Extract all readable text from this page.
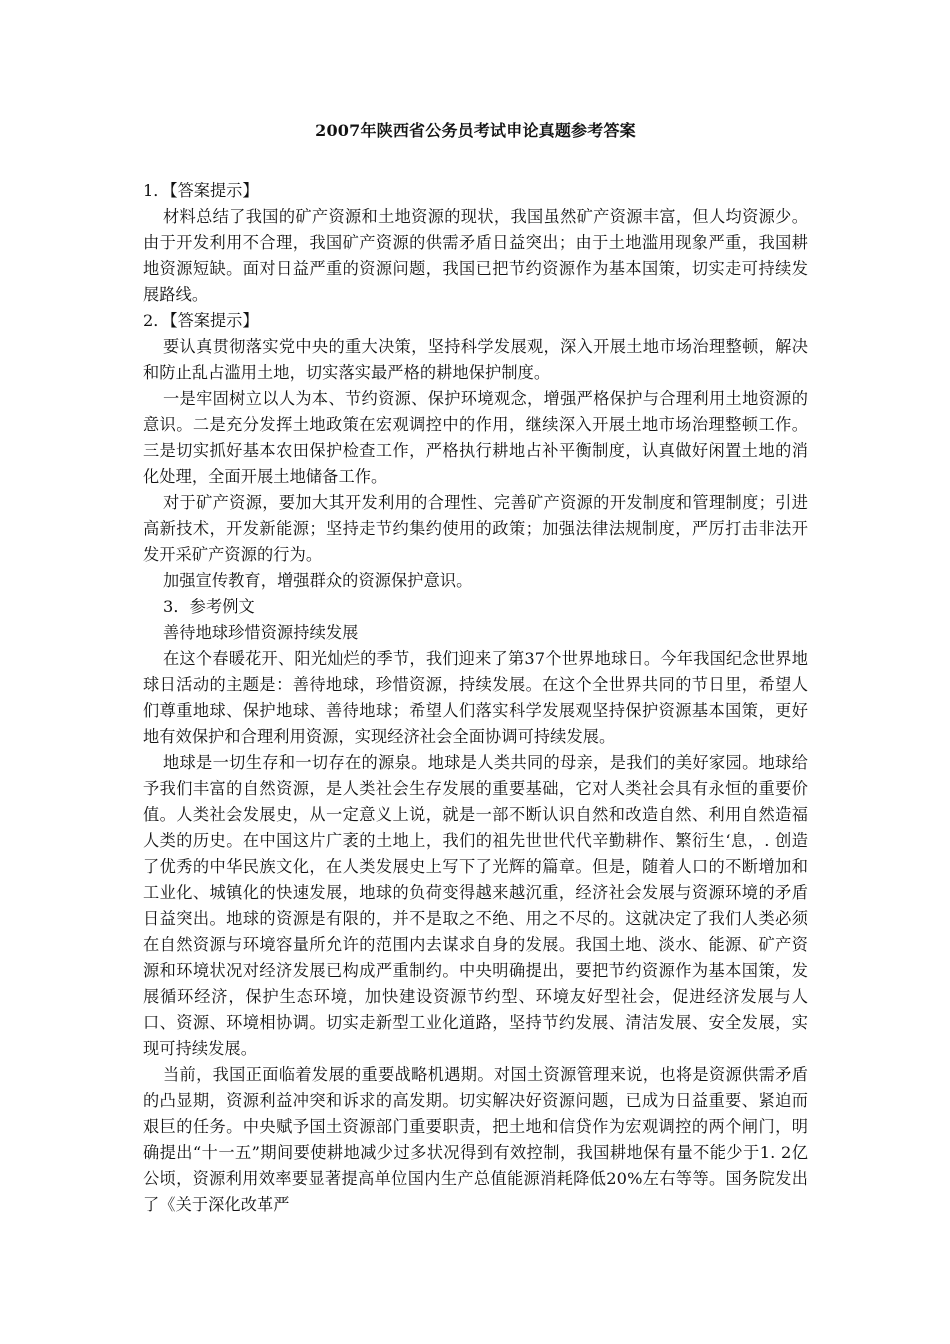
2007年陕西省公务员考试申论真题参考答案

1．【答案提示】

材料总结了我国的矿产资源和土地资源的现状，我国虽然矿产资源丰富，但人均资源少。由于开发利用不合理，我国矿产资源的供需矛盾日益突出；由于土地滥用现象严重，我国耕地资源短缺。面对日益严重的资源问题，我国已把节约资源作为基本国策，切实走可持续发展路线。

2．【答案提示】

要认真贯彻落实党中央的重大决策，坚持科学发展观，深入开展土地市场治理整顿，解决和防止乱占滥用土地，切实落实最严格的耕地保护制度。

一是牢固树立以人为本、节约资源、保护环境观念，增强严格保护与合理利用土地资源的意识。二是充分发挥土地政策在宏观调控中的作用，继续深入开展土地市场治理整顿工作。三是切实抓好基本农田保护检查工作，严格执行耕地占补平衡制度，认真做好闲置土地的消化处理，全面开展土地储备工作。

对于矿产资源，要加大其开发利用的合理性、完善矿产资源的开发制度和管理制度；引进高新技术，开发新能源；坚持走节约集约使用的政策；加强法律法规制度，严厉打击非法开发开采矿产资源的行为。

加强宣传教育，增强群众的资源保护意识。

3．参考例文

善待地球珍惜资源持续发展

在这个春暖花开、阳光灿烂的季节，我们迎来了第37个世界地球日。今年我国纪念世界地球日活动的主题是：善待地球，珍惜资源，持续发展。在这个全世界共同的节日里，希望人们尊重地球、保护地球、善待地球；希望人们落实科学发展观坚持保护资源基本国策，更好地有效保护和合理利用资源，实现经济社会全面协调可持续发展。

地球是一切生存和一切存在的源泉。地球是人类共同的母亲，是我们的美好家园。地球给予我们丰富的自然资源，是人类社会生存发展的重要基础，它对人类社会具有永恒的重要价值。人类社会发展史，从一定意义上说，就是一部不断认识自然和改造自然、利用自然造福人类的历史。在中国这片广袤的土地上，我们的祖先世世代代辛勤耕作、繁衍生‘息，. 创造了优秀的中华民族文化，在人类发展史上写下了光辉的篇章。但是，随着人口的不断增加和工业化、城镇化的快速发展，地球的负荷变得越来越沉重，经济社会发展与资源环境的矛盾日益突出。地球的资源是有限的，并不是取之不绝、用之不尽的。这就决定了我们人类必须在自然资源与环境容量所允许的范围内去谋求自身的发展。我国土地、淡水、能源、矿产资源和环境状况对经济发展已构成严重制约。中央明确提出，要把节约资源作为基本国策，发展循环经济，保护生态环境，加快建设资源节约型、环境友好型社会，促进经济发展与人口、资源、环境相协调。切实走新型工业化道路，坚持节约发展、清洁发展、安全发展，实现可持续发展。

当前，我国正面临着发展的重要战略机遇期。对国土资源管理来说，也将是资源供需矛盾的凸显期，资源利益冲突和诉求的高发期。切实解决好资源问题，已成为日益重要、紧迫而艰巨的任务。中央赋予国土资源部门重要职责，把土地和信贷作为宏观调控的两个闸门，明确提出“十一五”期间要使耕地减少过多状况得到有效控制，我国耕地保有量不能少于1. 2亿公顷，资源利用效率要显著提高单位国内生产总值能源消耗降低20%左右等等。国务院发出了《关于深化改革严
